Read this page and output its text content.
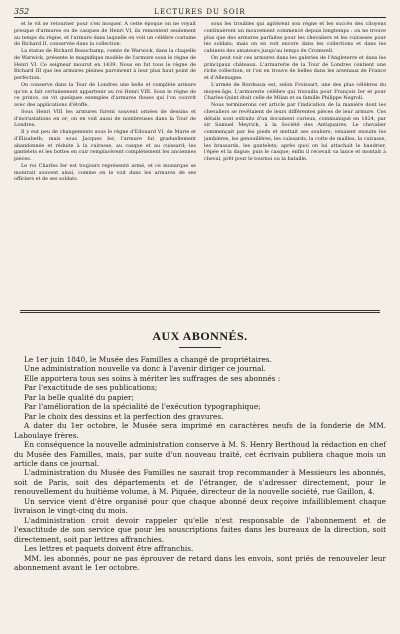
352	LECTURES DU SOIR

et le vit se retourner pour s'en moquer. A cette époque on ne voyait presque d'armures ou de casques de Henri VI, ils remontent seulement au temps du règne, et l'armure dans laquelle on voit un célèbre costume de Richard II, conservée dans la collection.

La statue de Richard Beauchamp, comte de Warwick, dans la chapelle de Warwick, présente le magnifique modèle de l'armure sous le règne de Henri VI. Ce seigneur mourut en 1439. Nous en fut tous le règne de Richard III que les armures pleines parvinrent à leur plus haut point de perfection.

On conserve dans la Tour de Londres une belle et complète armure qu'on a fait certainement appartenir au roi Henri VIII. Sous le règne de ce prince, on vit quelques exemples d'armures floues qui l'on couvrit avec des applications d'étoffe.

Sous Henri VIII les armures furent souvent ornées de dessins et d'incrustations en or; on en voit aussi de nombreuses dans la Tour de Londres.

Il y eut peu de changements sous le règne d'Edouard VI, de Marie et d'Élisabeth; mais sous Jacques Ier, l'armure fut graduellement abandonnée et réduite à la cuirasse, au casque et au cuissard; les gantelets et les bottes en cuir remplacèrent complètement les anciennes pièces.

Le roi Charles Ier est toujours représenté armé, et ce monarque se montrait souvent ainsi, comme on le voit dans les armures de ses officiers et de ses soldats.

sous les troubles qui agitèrent son règne et les succès des citoyens continuèrent un mouvement commencé depuis longtemps : on ne trouve plus que des armures parfaites pour les chevaliers et les cuirasses pour les soldats; mais on en voit encore dans les collections et dans les cabinets des amateurs jusqu'au temps de Cromwell.

On peut voir ces armures dans les galeries de l'Angleterre et dans les principaux châteaux. L'armurerie de la Tour de Londres contient une riche collection, et l'on en trouve de belles dans les arsenaux de France et d'Allemagne.

L'armée de Bordeaux est, selon Froissart, une des plus célèbres du moyen-âge. L'armurerie célèbre qui travailla pour François Ier et pour Charles-Quint était celle de Milan et sa famille Philippe Negroli.

Nous terminerons cet article par l'indication de la manière dont les chevaliers se revêtaient de leurs différentes pièces de leur armure. Ces détails sont extraits d'un document curieux, communiqué en 1824, par sir Samuel Meyrick, à la Société des Antiquaires. Le chevalier commençait par les pieds et mettait ses souliers; venaient ensuite les jambières, les genouillères, les cuissards, la cotte de mailles, la cuirasse, les brassards, les gantelets; après quoi on lui attachait le baudrier, l'épée et la dague; puis le casque; enfin il recevait sa lance et montait à cheval, prêt pour le tournoi ou la bataille.

AUX ABONNÉS.

Le 1er juin 1840, le Musée des Familles a changé de propriétaires.

Une administration nouvelle va donc à l'avenir diriger ce journal.

Elle apportera tous ses soins à mériter les suffrages de ses abonnés :

Par l'exactitude de ses publications;

Par la belle qualité du papier;

Par l'amélioration de la spécialité de l'exécution typographique;

Par le choix des dessins et la perfection des gravures.

A dater du 1er octobre, le Musée sera imprimé en caractères neufs de la fonderie de MM. Laboulaye frères.

En conséquence la nouvelle administration conserve à M. S. Henry Berthoud la rédaction en chef du Musée des Familles, mais, par suite d'un nouveau traité, cet écrivain publiera chaque mois un article dans ce journal.

L'administration du Musée des Familles ne saurait trop recommander à Messieurs les abonnés, soit de Paris, soit des départements et de l'étranger, de s'adresser directement, pour le renouvellement du huitième volume, à M. Piquée, directeur de la nouvelle société, rue Gaillon, 4.

Un service vient d'être organisé pour que chaque abonné deux reçoive infailliblement chaque livraison le vingt-cinq du mois.

L'administration croit devoir rappeler qu'elle n'est responsable de l'abonnement et de l'exactitude de son service que pour les souscriptions faites dans les bureaux de la direction, soit directement, soit par lettres affranchies.

Les lettres et paquets doivent être affranchis.

MM. les abonnés, pour ne pas éprouver de retard dans les envois, sont priés de renouveler leur abonnement avant le 1er octobre.
